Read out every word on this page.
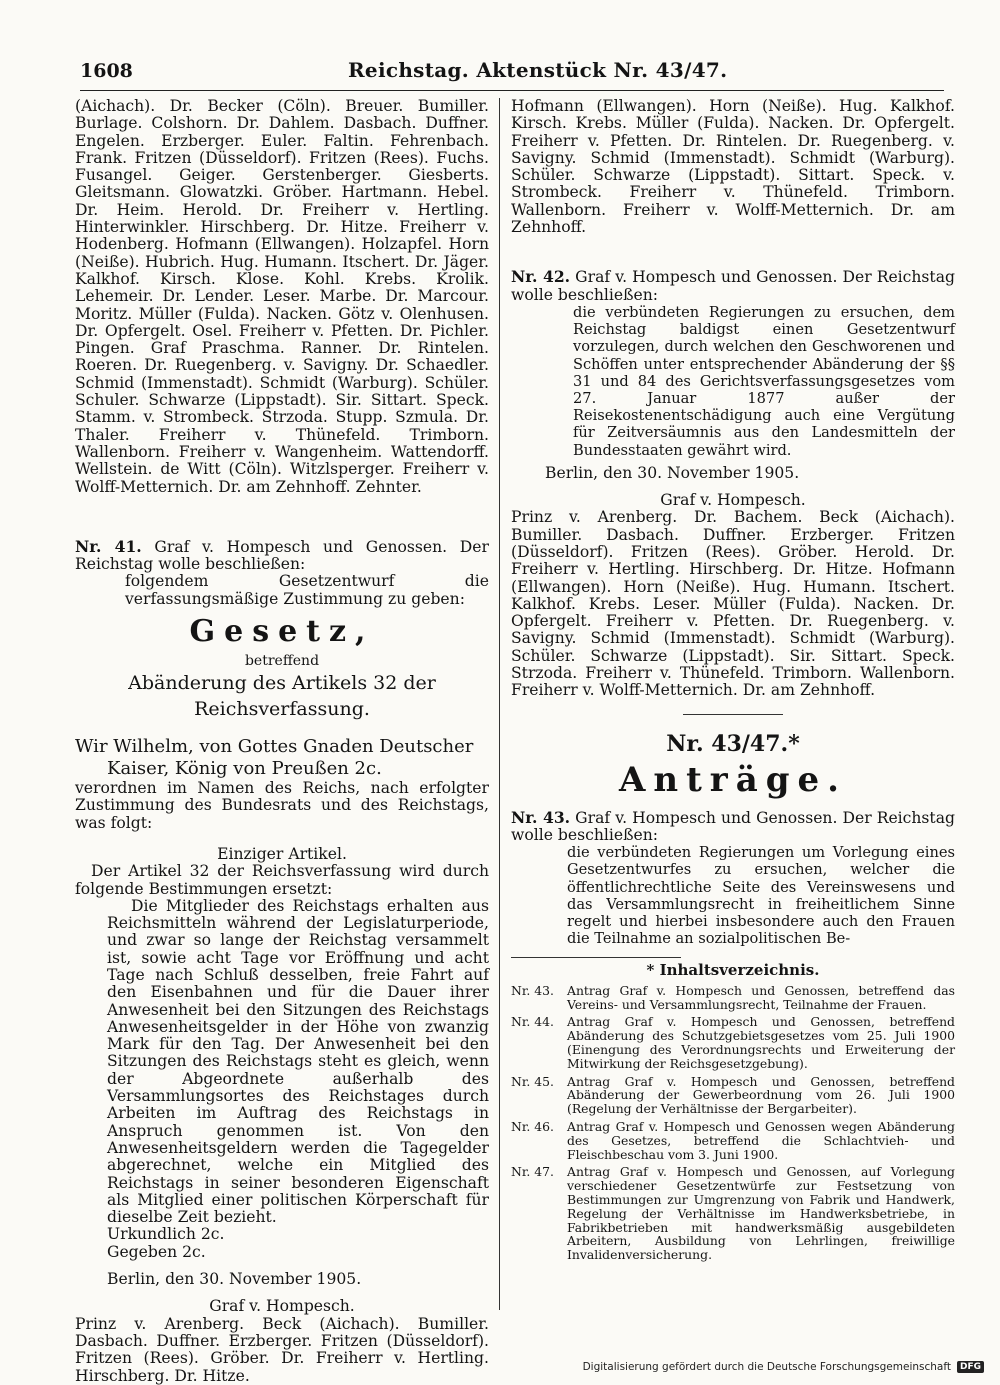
1608	Reichstag. Aktenstück Nr. 43/47.

(Aichach). Dr. Becker (Cöln). Breuer. Bumiller. Burlage. Colshorn. Dr. Dahlem. Dasbach. Duffner. Engelen. Erzberger. Euler. Faltin. Fehrenbach. Frank. Fritzen (Düsseldorf). Fritzen (Rees). Fuchs. Fusangel. Geiger. Gerstenberger. Giesberts. Gleitsmann. Glowatzki. Gröber. Hartmann. Hebel. Dr. Heim. Herold. Dr. Freiherr v. Hertling. Hinterwinkler. Hirschberg. Dr. Hitze. Freiherr v. Hodenberg. Hofmann (Ellwangen). Holzapfel. Horn (Neiße). Hubrich. Hug. Humann. Itschert. Dr. Jäger. Kalkhof. Kirsch. Klose. Kohl. Krebs. Krolik. Lehemeir. Dr. Lender. Leser. Marbe. Dr. Marcour. Moritz. Müller (Fulda). Nacken. Götz v. Olenhusen. Dr. Opfergelt. Osel. Freiherr v. Pfetten. Dr. Pichler. Pingen. Graf Praschma. Ranner. Dr. Rintelen. Roeren. Dr. Ruegenberg. v. Savigny. Dr. Schaedler. Schmid (Immenstadt). Schmidt (Warburg). Schüler. Schuler. Schwarze (Lippstadt). Sir. Sittart. Speck. Stamm. v. Strombeck. Strzoda. Stupp. Szmula. Dr. Thaler. Freiherr v. Thünefeld. Trimborn. Wallenborn. Freiherr v. Wangenheim. Wattendorff. Wellstein. de Witt (Cöln). Witzlsperger. Freiherr v. Wolff-Metternich. Dr. am Zehnhoff. Zehnter.

Nr. 41. Graf v. Hompesch und Genossen. Der Reichstag wolle beschließen:

folgendem Gesetzentwurf die verfassungsmäßige Zustimmung zu geben:

Gesetz,
betreffend
Abänderung des Artikels 32 der Reichsverfassung.
Wir Wilhelm, von Gottes Gnaden Deutscher
Kaiser, König von Preußen 2c.

verordnen im Namen des Reichs, nach erfolgter Zustimmung des Bundesrats und des Reichstags, was folgt:

Einziger Artikel.

Der Artikel 32 der Reichsverfassung wird durch folgende Bestimmungen ersetzt:

Die Mitglieder des Reichstags erhalten aus Reichsmitteln während der Legislaturperiode, und zwar so lange der Reichstag versammelt ist, sowie acht Tage vor Eröffnung und acht Tage nach Schluß desselben, freie Fahrt auf den Eisenbahnen und für die Dauer ihrer Anwesenheit bei den Sitzungen des Reichstags Anwesenheitsgelder in der Höhe von zwanzig Mark für den Tag. Der Anwesenheit bei den Sitzungen des Reichstags steht es gleich, wenn der Abgeordnete außerhalb des Versammlungsortes des Reichstages durch Arbeiten im Auftrag des Reichstags in Anspruch genommen ist. Von den Anwesenheitsgeldern werden die Tagegelder abgerechnet, welche ein Mitglied des Reichstags in seiner besonderen Eigenschaft als Mitglied einer politischen Körperschaft für dieselbe Zeit bezieht.

Urkundlich 2c.

Gegeben 2c.

Berlin, den 30. November 1905.

Graf v. Hompesch.

Prinz v. Arenberg. Beck (Aichach). Bumiller. Dasbach. Duffner. Erzberger. Fritzen (Düsseldorf). Fritzen (Rees). Gröber. Dr. Freiherr v. Hertling. Hirschberg. Dr. Hitze.

Hofmann (Ellwangen). Horn (Neiße). Hug. Kalkhof. Kirsch. Krebs. Müller (Fulda). Nacken. Dr. Opfergelt. Freiherr v. Pfetten. Dr. Rintelen. Dr. Ruegenberg. v. Savigny. Schmid (Immenstadt). Schmidt (Warburg). Schüler. Schwarze (Lippstadt). Sittart. Speck. v. Strombeck. Freiherr v. Thünefeld. Trimborn. Wallenborn. Freiherr v. Wolff-Metternich. Dr. am Zehnhoff.

Nr. 42. Graf v. Hompesch und Genossen. Der Reichstag wolle beschließen:

die verbündeten Regierungen zu ersuchen, dem Reichstag baldigst einen Gesetzentwurf vorzulegen, durch welchen den Geschworenen und Schöffen unter entsprechender Abänderung der §§ 31 und 84 des Gerichtsverfassungsgesetzes vom 27. Januar 1877 außer der Reisekostenentschädigung auch eine Vergütung für Zeitversäumnis aus den Landesmitteln der Bundesstaaten gewährt wird.

Berlin, den 30. November 1905.

Graf v. Hompesch.

Prinz v. Arenberg. Dr. Bachem. Beck (Aichach). Bumiller. Dasbach. Duffner. Erzberger. Fritzen (Düsseldorf). Fritzen (Rees). Gröber. Herold. Dr. Freiherr v. Hertling. Hirschberg. Dr. Hitze. Hofmann (Ellwangen). Horn (Neiße). Hug. Humann. Itschert. Kalkhof. Krebs. Leser. Müller (Fulda). Nacken. Dr. Opfergelt. Freiherr v. Pfetten. Dr. Ruegenberg. v. Savigny. Schmid (Immenstadt). Schmidt (Warburg). Schüler. Schwarze (Lippstadt). Sir. Sittart. Speck. Strzoda. Freiherr v. Thünefeld. Trimborn. Wallenborn. Freiherr v. Wolff-Metternich. Dr. am Zehnhoff.

Nr. 43/47.*
Anträge.

Nr. 43. Graf v. Hompesch und Genossen. Der Reichstag wolle beschließen:

die verbündeten Regierungen um Vorlegung eines Gesetzentwurfes zu ersuchen, welcher die öffentlichrechtliche Seite des Vereinswesens und das Versammlungsrecht in freiheitlichem Sinne regelt und hierbei insbesondere auch den Frauen die Teilnahme an sozialpolitischen Be-

* Inhaltsverzeichnis.
Nr. 43.	Antrag Graf v. Hompesch und Genossen, betreffend das Vereins- und Versammlungsrecht, Teilnahme der Frauen.
Nr. 44.	Antrag Graf v. Hompesch und Genossen, betreffend Abänderung des Schutzgebietsgesetzes vom 25. Juli 1900 (Einengung des Verordnungsrechts und Erweiterung der Mitwirkung der Reichsgesetzgebung).
Nr. 45.	Antrag Graf v. Hompesch und Genossen, betreffend Abänderung der Gewerbeordnung vom 26. Juli 1900 (Regelung der Verhältnisse der Bergarbeiter).
Nr. 46.	Antrag Graf v. Hompesch und Genossen wegen Abänderung des Gesetzes, betreffend die Schlachtvieh- und Fleischbeschau vom 3. Juni 1900.
Nr. 47.	Antrag Graf v. Hompesch und Genossen, auf Vorlegung verschiedener Gesetzentwürfe zur Festsetzung von Bestimmungen zur Umgrenzung von Fabrik und Handwerk, Regelung der Verhältnisse im Handwerksbetriebe, in Fabrikbetrieben mit handwerksmäßig ausgebildeten Arbeitern, Ausbildung von Lehrlingen, freiwillige Invalidenversicherung.
Digitalisierung gefördert durch die Deutsche Forschungsgemeinschaft	DFG
